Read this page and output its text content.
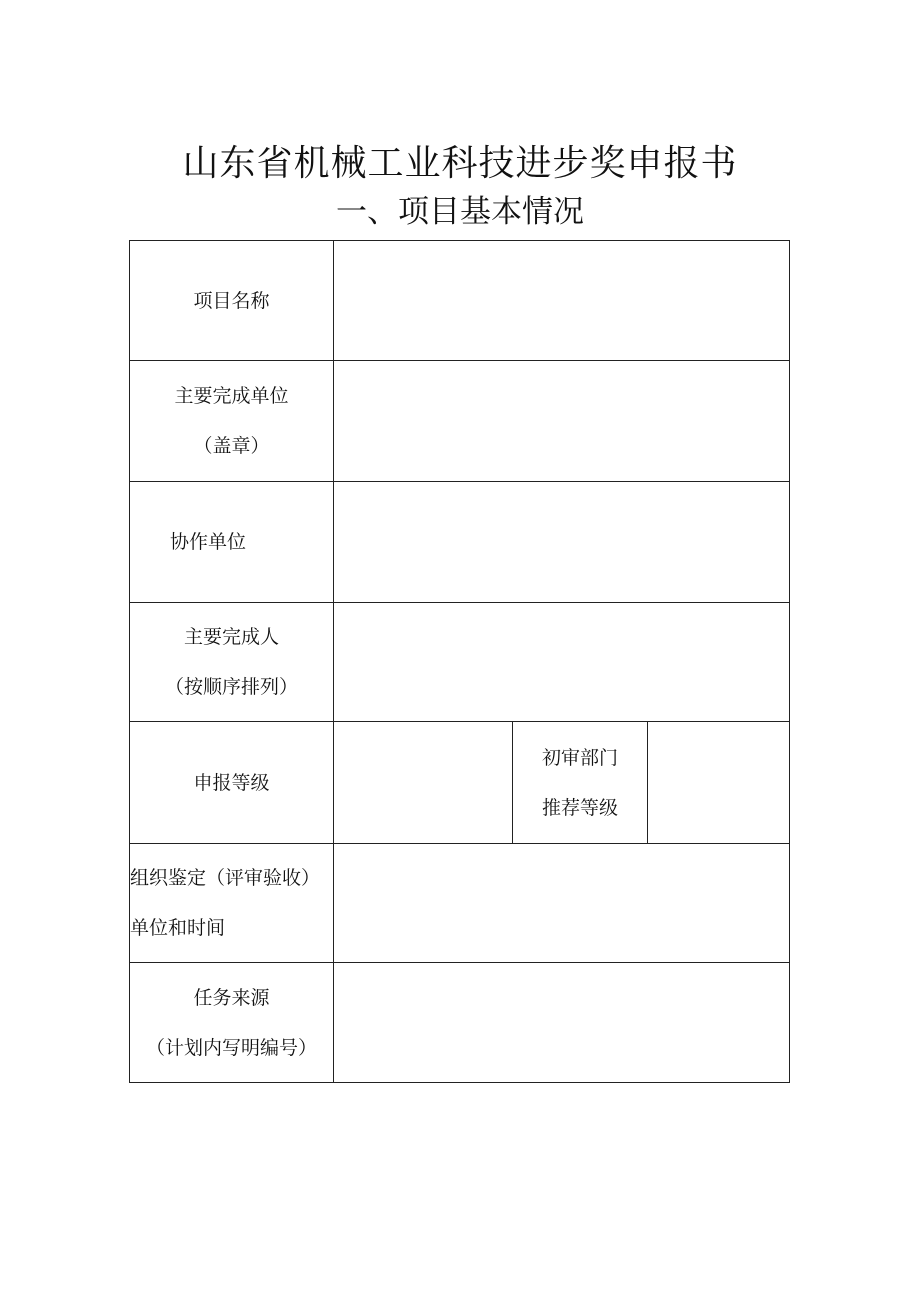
山东省机械工业科技进步奖申报书
一、项目基本情况
项目名称
主要完成单位
（盖章）
协作单位
主要完成人
（按顺序排列）
申报等级
初审部门
推荐等级
组织鉴定（评审验收）
单位和时间
任务来源
（计划内写明编号）
